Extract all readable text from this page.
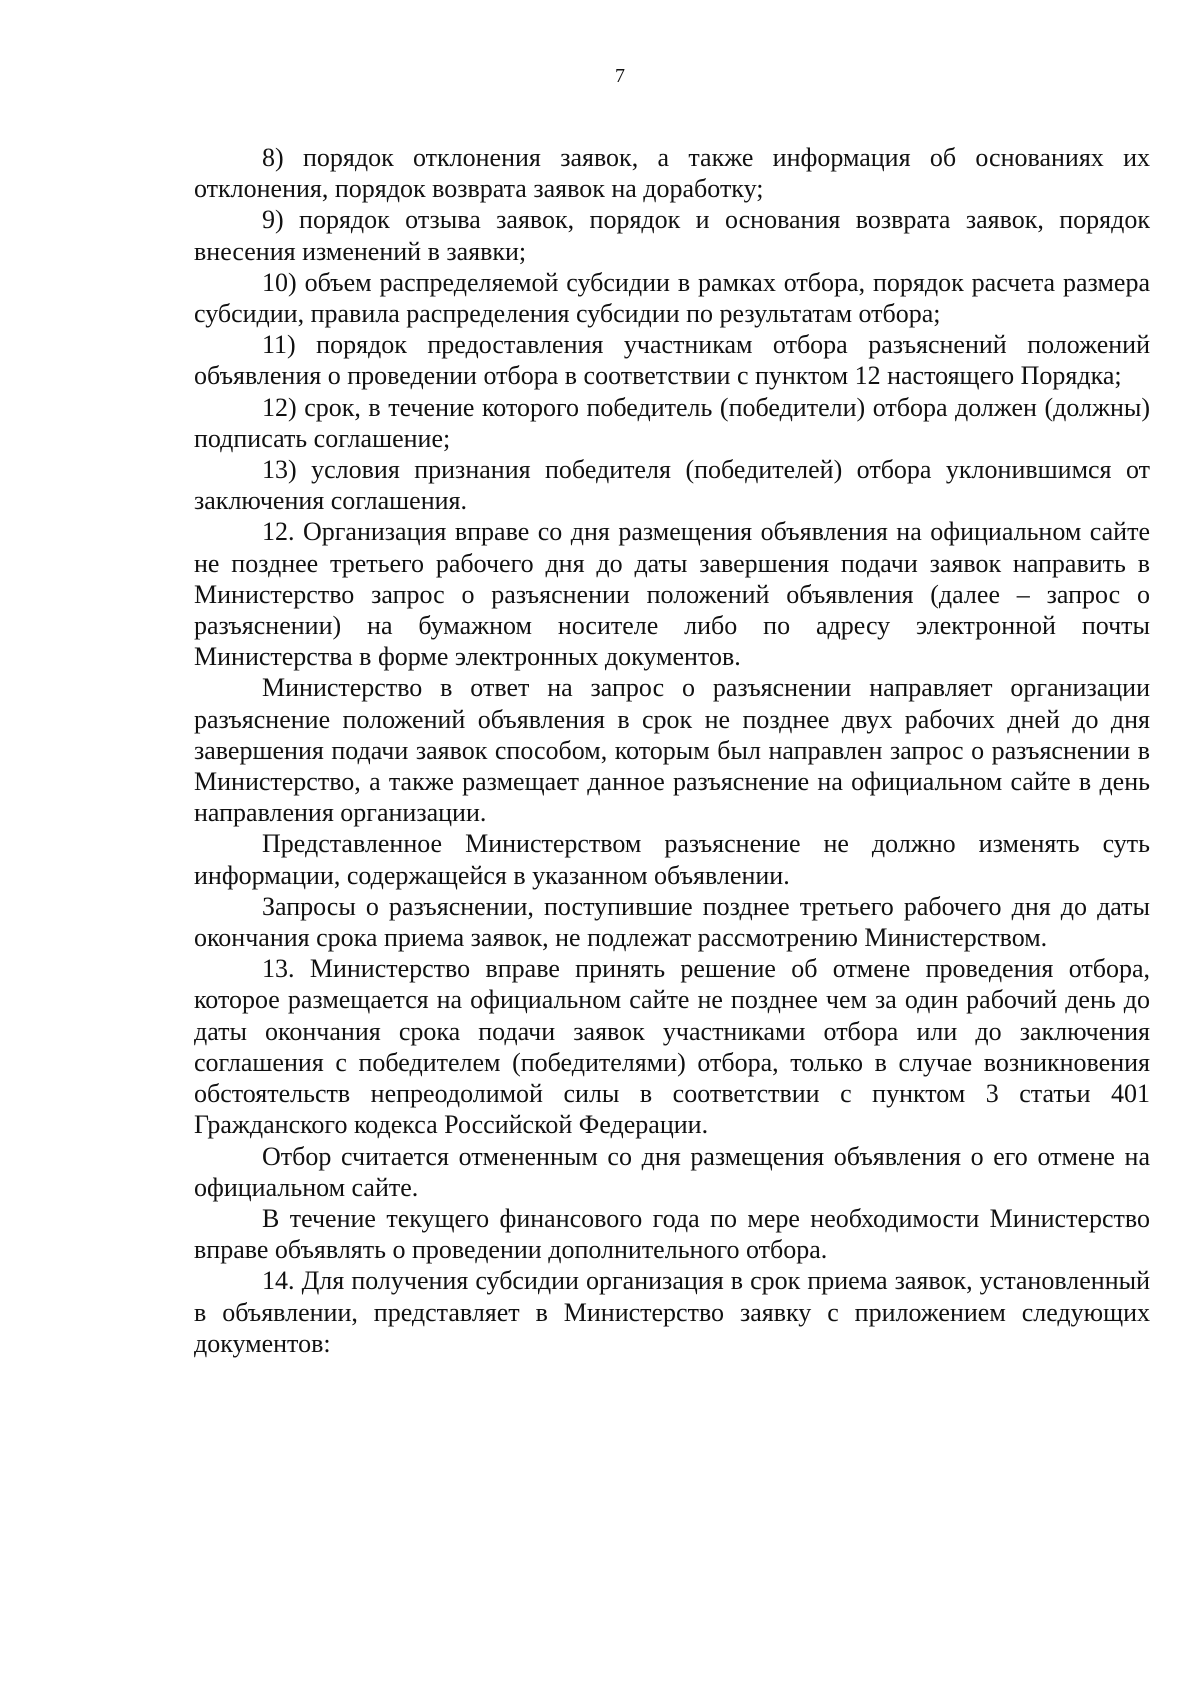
7

8) порядок отклонения заявок, а также информация об основаниях их отклонения, порядок возврата заявок на доработку;

9) порядок отзыва заявок, порядок и основания возврата заявок, порядок внесения изменений в заявки;

10) объем распределяемой субсидии в рамках отбора, порядок расчета размера субсидии, правила распределения субсидии по результатам отбора;

11) порядок предоставления участникам отбора разъяснений положений объявления о проведении отбора в соответствии с пунктом 12 настоящего Порядка;

12) срок, в течение которого победитель (победители) отбора должен (должны) подписать соглашение;

13) условия признания победителя (победителей) отбора уклонившимся от заключения соглашения.

12. Организация вправе со дня размещения объявления на официальном сайте не позднее третьего рабочего дня до даты завершения подачи заявок направить в Министерство запрос о разъяснении положений объявления (далее – запрос о разъяснении) на бумажном носителе либо по адресу электронной почты Министерства в форме электронных документов.

Министерство в ответ на запрос о разъяснении направляет организации разъяснение положений объявления в срок не позднее двух рабочих дней до дня завершения подачи заявок способом, которым был направлен запрос о разъяснении в Министерство, а также размещает данное разъяснение на официальном сайте в день направления организации.

Представленное Министерством разъяснение не должно изменять суть информации, содержащейся в указанном объявлении.

Запросы о разъяснении, поступившие позднее третьего рабочего дня до даты окончания срока приема заявок, не подлежат рассмотрению Министерством.

13. Министерство вправе принять решение об отмене проведения отбора, которое размещается на официальном сайте не позднее чем за один рабочий день до даты окончания срока подачи заявок участниками отбора или до заключения соглашения с победителем (победителями) отбора, только в случае возникновения обстоятельств непреодолимой силы в соответствии с пунктом 3 статьи 401 Гражданского кодекса Российской Федерации.

Отбор считается отмененным со дня размещения объявления о его отмене на официальном сайте.

В течение текущего финансового года по мере необходимости Министерство вправе объявлять о проведении дополнительного отбора.

14. Для получения субсидии организация в срок приема заявок, установленный в объявлении, представляет в Министерство заявку с приложением следующих документов:
